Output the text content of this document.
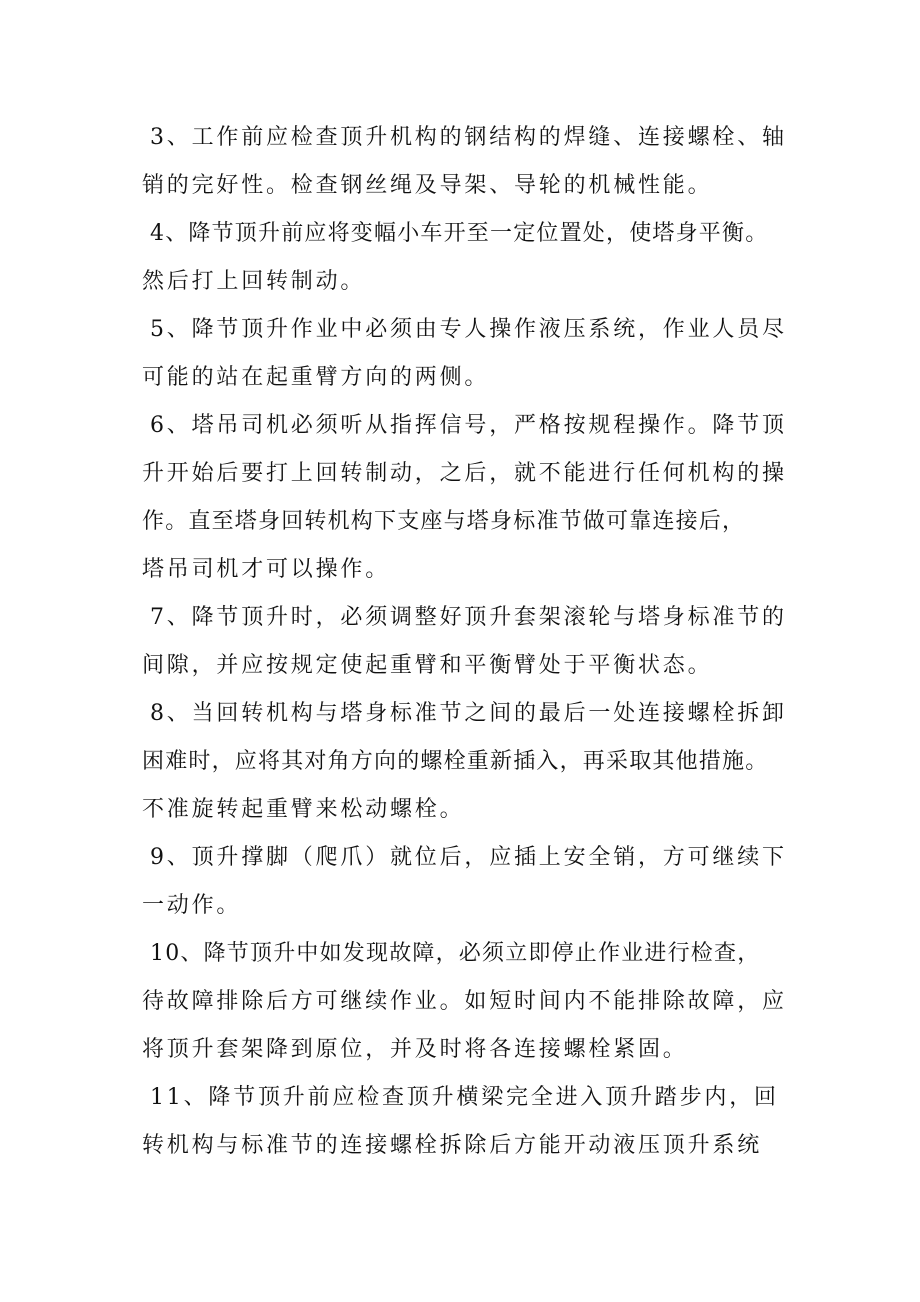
3、工作前应检查顶升机构的钢结构的焊缝、连接螺栓、轴
销的完好性。检查钢丝绳及导架、导轮的机械性能。
4、降节顶升前应将变幅小车开至一定位置处，使塔身平衡。
然后打上回转制动。
5、降节顶升作业中必须由专人操作液压系统，作业人员尽
可能的站在起重臂方向的两侧。
6、塔吊司机必须听从指挥信号，严格按规程操作。降节顶
升开始后要打上回转制动，之后，就不能进行任何机构的操
作。直至塔身回转机构下支座与塔身标准节做可靠连接后，
塔吊司机才可以操作。
7、降节顶升时，必须调整好顶升套架滚轮与塔身标准节的
间隙，并应按规定使起重臂和平衡臂处于平衡状态。
8、当回转机构与塔身标准节之间的最后一处连接螺栓拆卸
困难时，应将其对角方向的螺栓重新插入，再采取其他措施。
不准旋转起重臂来松动螺栓。
9、顶升撑脚（爬爪）就位后，应插上安全销，方可继续下
一动作。
10、降节顶升中如发现故障，必须立即停止作业进行检查，
待故障排除后方可继续作业。如短时间内不能排除故障，应
将顶升套架降到原位，并及时将各连接螺栓紧固。
11、降节顶升前应检查顶升横梁完全进入顶升踏步内，回
转机构与标准节的连接螺栓拆除后方能开动液压顶升系统
